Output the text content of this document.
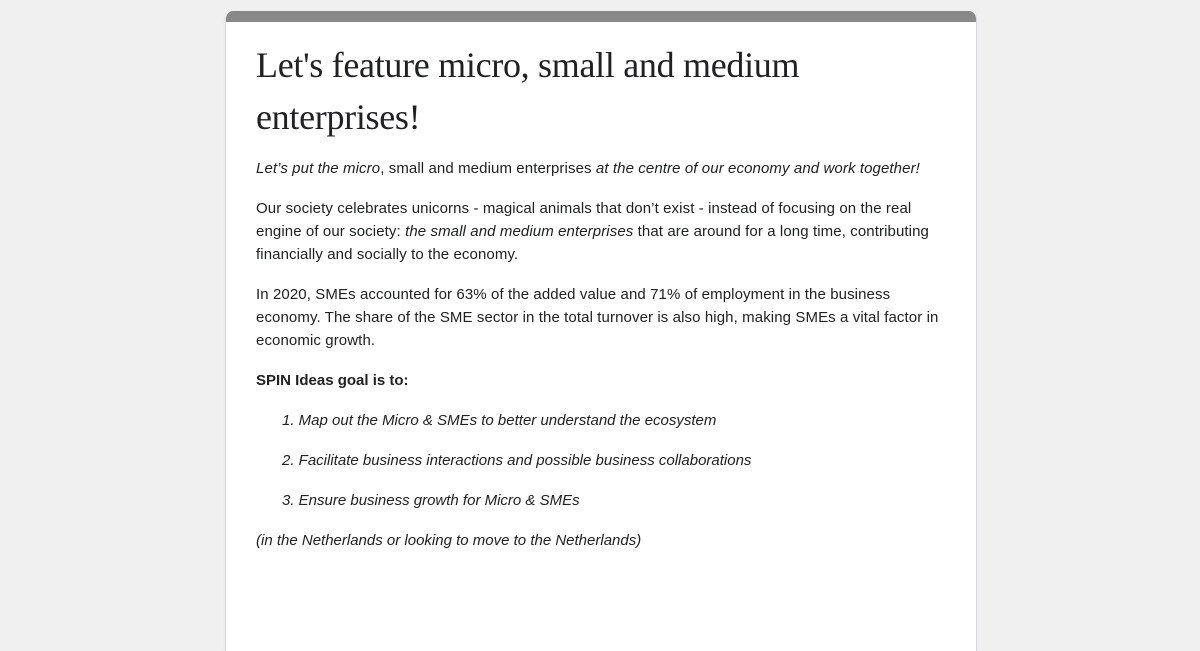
Let's feature micro, small and medium enterprises!

Let’s put the micro, small and medium enterprises at the centre of our economy and work together!

Our society celebrates unicorns - magical animals that don’t exist - instead of focusing on the real engine of our society: the small and medium enterprises that are around for a long time, contributing financially and socially to the economy.

In 2020, SMEs accounted for 63% of the added value and 71% of employment in the business economy. The share of the SME sector in the total turnover is also high, making SMEs a vital factor in economic growth.

SPIN Ideas goal is to:

1. Map out the Micro & SMEs to better understand the ecosystem
2. Facilitate business interactions and possible business collaborations
3. Ensure business growth for Micro & SMEs

(in the Netherlands or looking to move to the Netherlands)
